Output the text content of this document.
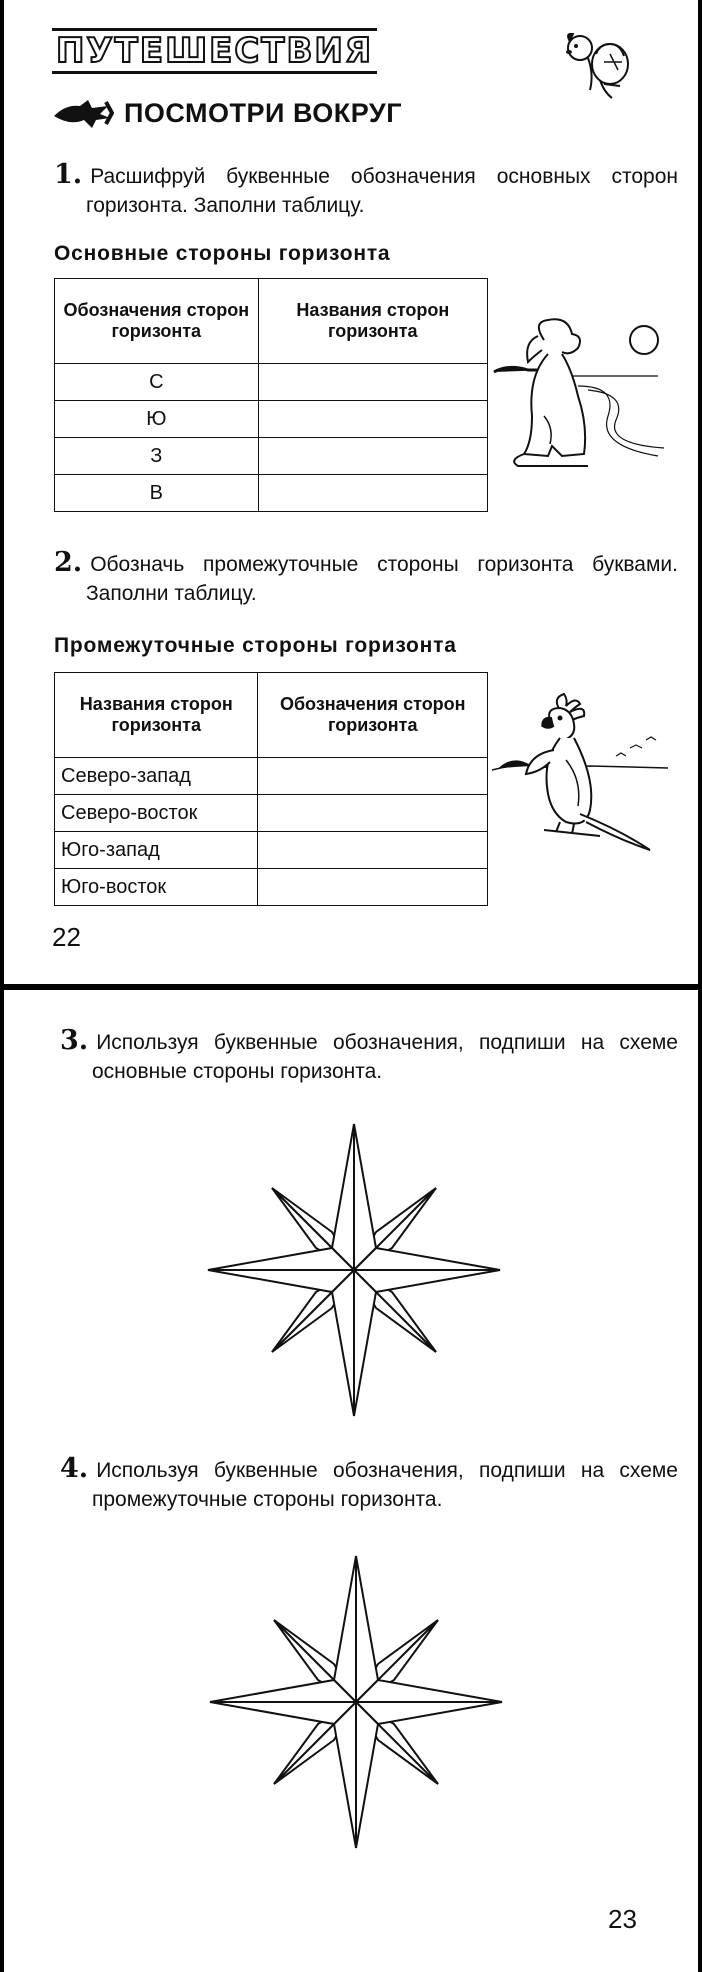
ПУТЕШЕСТВИЯ
ПОСМОТРИ ВОКРУГ
1. Расшифруй буквенные обозначения основных сторон горизонта. Заполни таблицу.
Основные стороны горизонта
Обозначения сторон горизонта	Названия сторон горизонта
С	
Ю	
З	
В	
2. Обозначь промежуточные стороны горизонта буквами. Заполни таблицу.
Промежуточные стороны горизонта
Названия сторон горизонта	Обозначения сторон горизонта
Северо-запад	
Северо-восток	
Юго-запад	
Юго-восток	
22
3. Используя буквенные обозначения, подпиши на схеме основные стороны горизонта.
4. Используя буквенные обозначения, подпиши на схеме промежуточные стороны горизонта.
23
